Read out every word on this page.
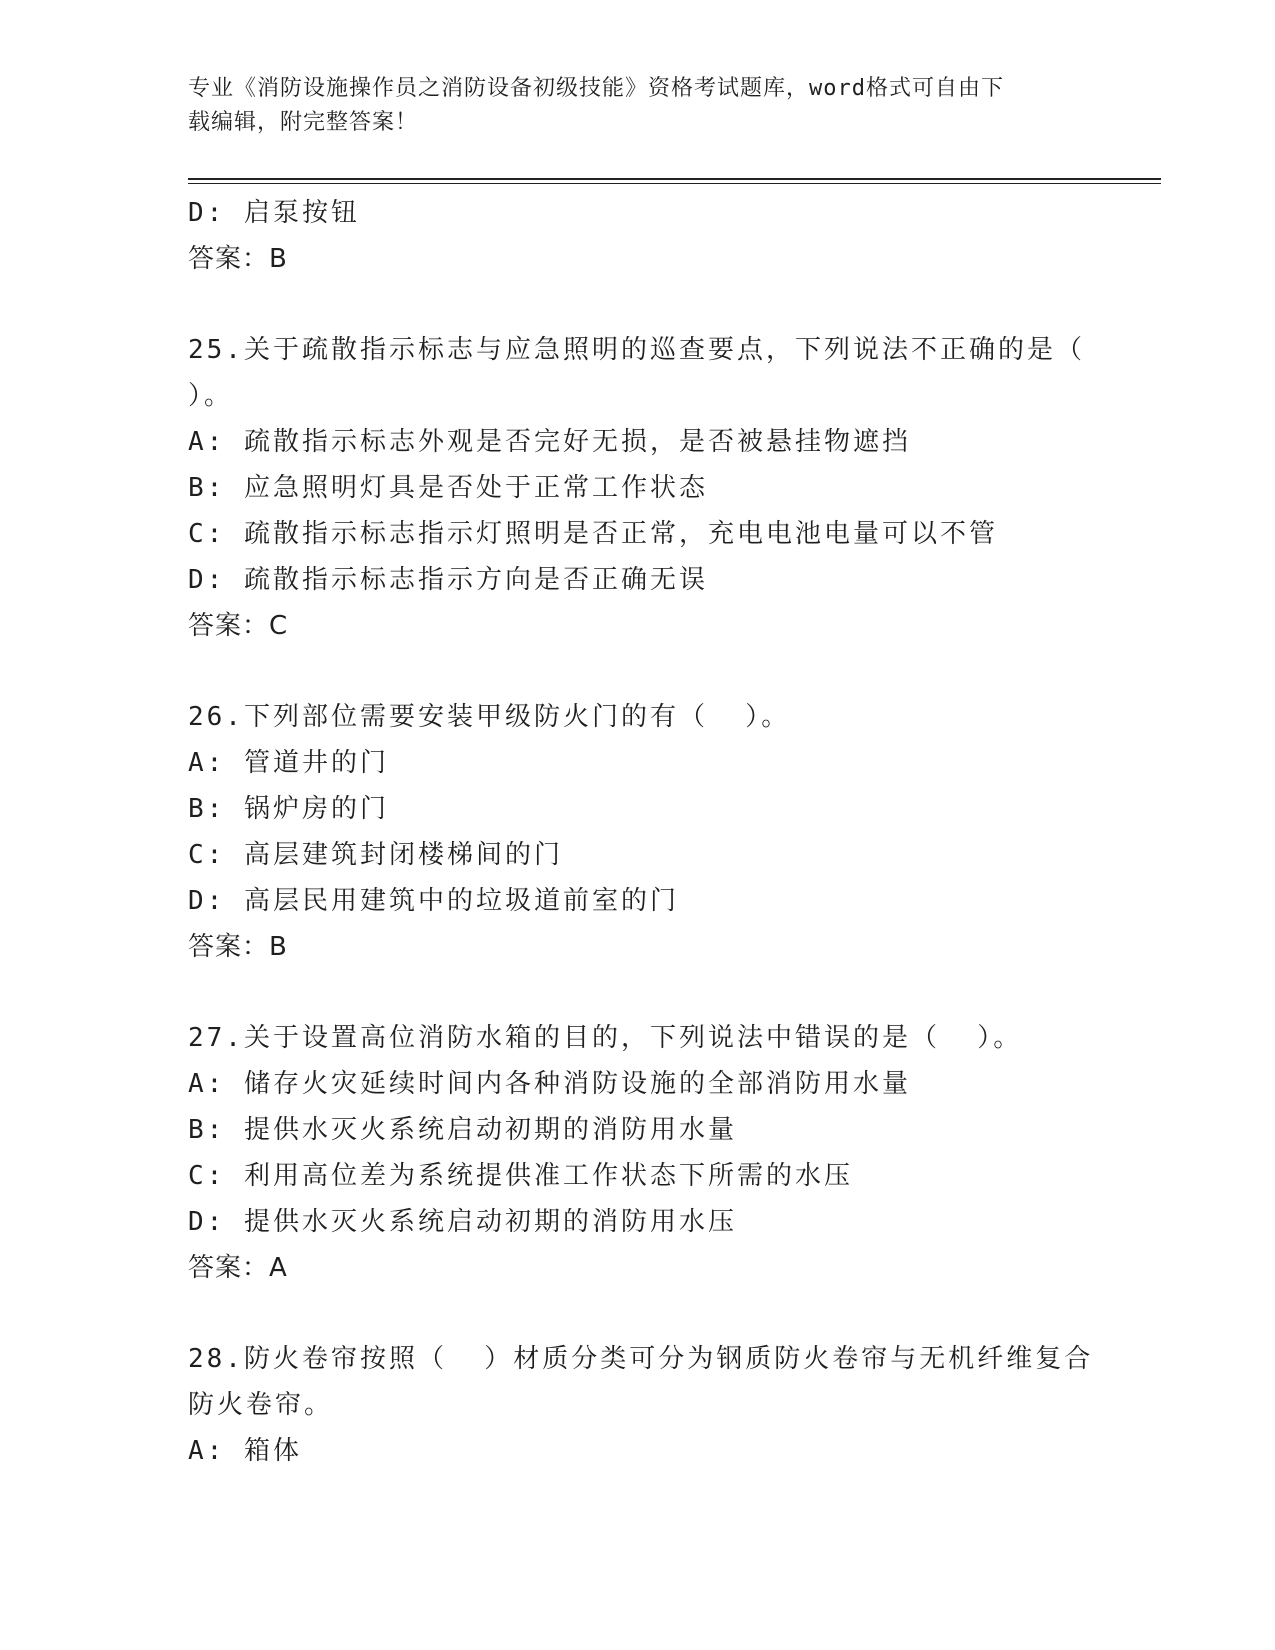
专业《消防设施操作员之消防设备初级技能》资格考试题库，word格式可自由下
载编辑，附完整答案！
D: 启泵按钮
答案：B
25.关于疏散指示标志与应急照明的巡查要点，下列说法不正确的是（
）。
A: 疏散指示标志外观是否完好无损，是否被悬挂物遮挡
B: 应急照明灯具是否处于正常工作状态
C: 疏散指示标志指示灯照明是否正常，充电电池电量可以不管
D: 疏散指示标志指示方向是否正确无误
答案：C
26.下列部位需要安装甲级防火门的有（  ）。
A: 管道井的门
B: 锅炉房的门
C: 高层建筑封闭楼梯间的门
D: 高层民用建筑中的垃圾道前室的门
答案：B
27.关于设置高位消防水箱的目的，下列说法中错误的是（  ）。
A: 储存火灾延续时间内各种消防设施的全部消防用水量
B: 提供水灭火系统启动初期的消防用水量
C: 利用高位差为系统提供准工作状态下所需的水压
D: 提供水灭火系统启动初期的消防用水压
答案：A
28.防火卷帘按照（  ）材质分类可分为钢质防火卷帘与无机纤维复合
防火卷帘。
A: 箱体
